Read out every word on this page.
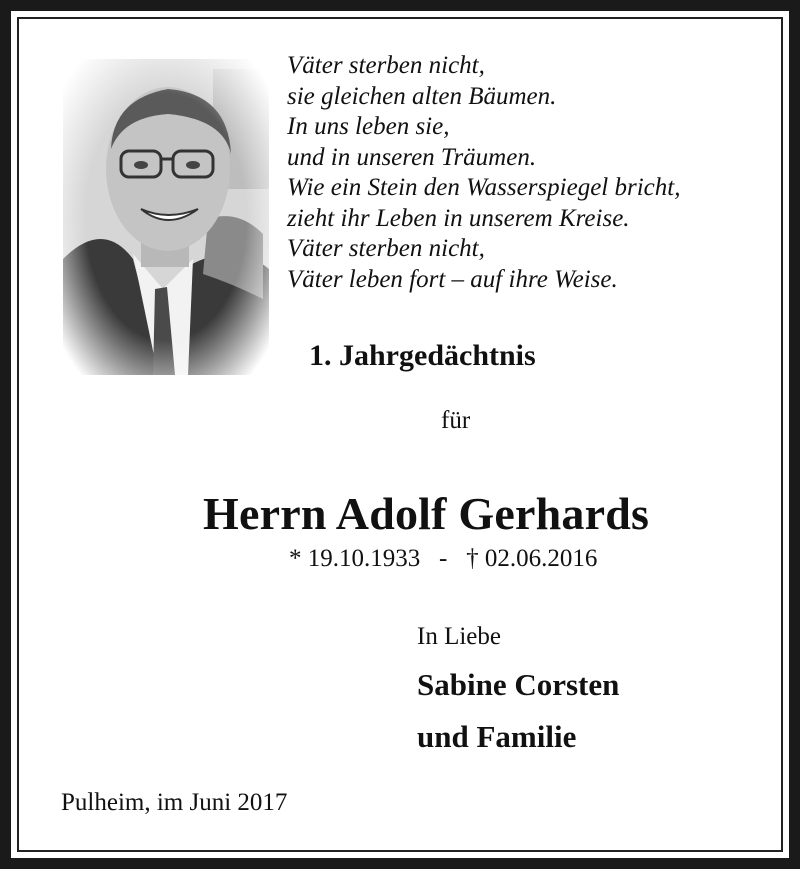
Väter sterben nicht,
sie gleichen alten Bäumen.
In uns leben sie,
und in unseren Träumen.
Wie ein Stein den Wasserspiegel bricht,
zieht ihr Leben in unserem Kreise.
Väter sterben nicht,
Väter leben fort – auf ihre Weise.
1. Jahrgedächtnis
für
Herrn Adolf Gerhards
* 19.10.1933   -   † 02.06.2016
In Liebe
Sabine Corsten
und Familie
Pulheim, im Juni 2017
